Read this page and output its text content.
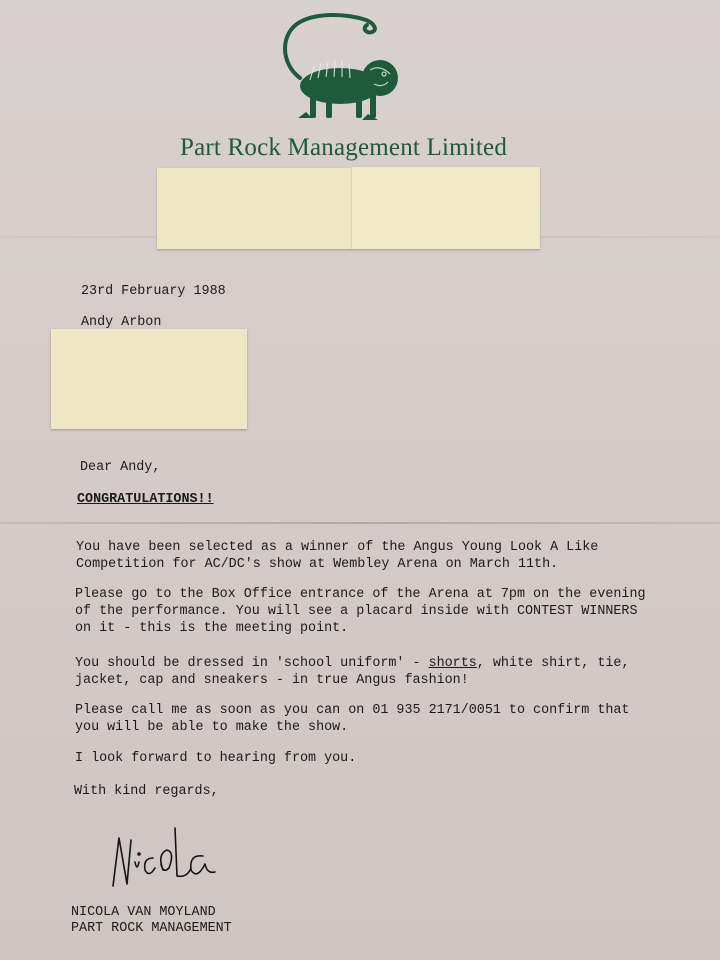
Part Rock Management Limited
23rd February 1988
Andy Arbon
Dear Andy,
CONGRATULATIONS!!
You have been selected as a winner of the Angus Young Look A Like
Competition for AC/DC's show at Wembley Arena on March 11th.
Please go to the Box Office entrance of the Arena at 7pm on the evening
of the performance. You will see a placard inside with CONTEST WINNERS
on it - this is the meeting point.
You should be dressed in 'school uniform' - shorts, white shirt, tie,
jacket, cap and sneakers - in true Angus fashion!
Please call me as soon as you can on 01 935 2171/0051 to confirm that
you will be able to make the show.
I look forward to hearing from you.
With kind regards,
NICOLA VAN MOYLAND
PART ROCK MANAGEMENT
